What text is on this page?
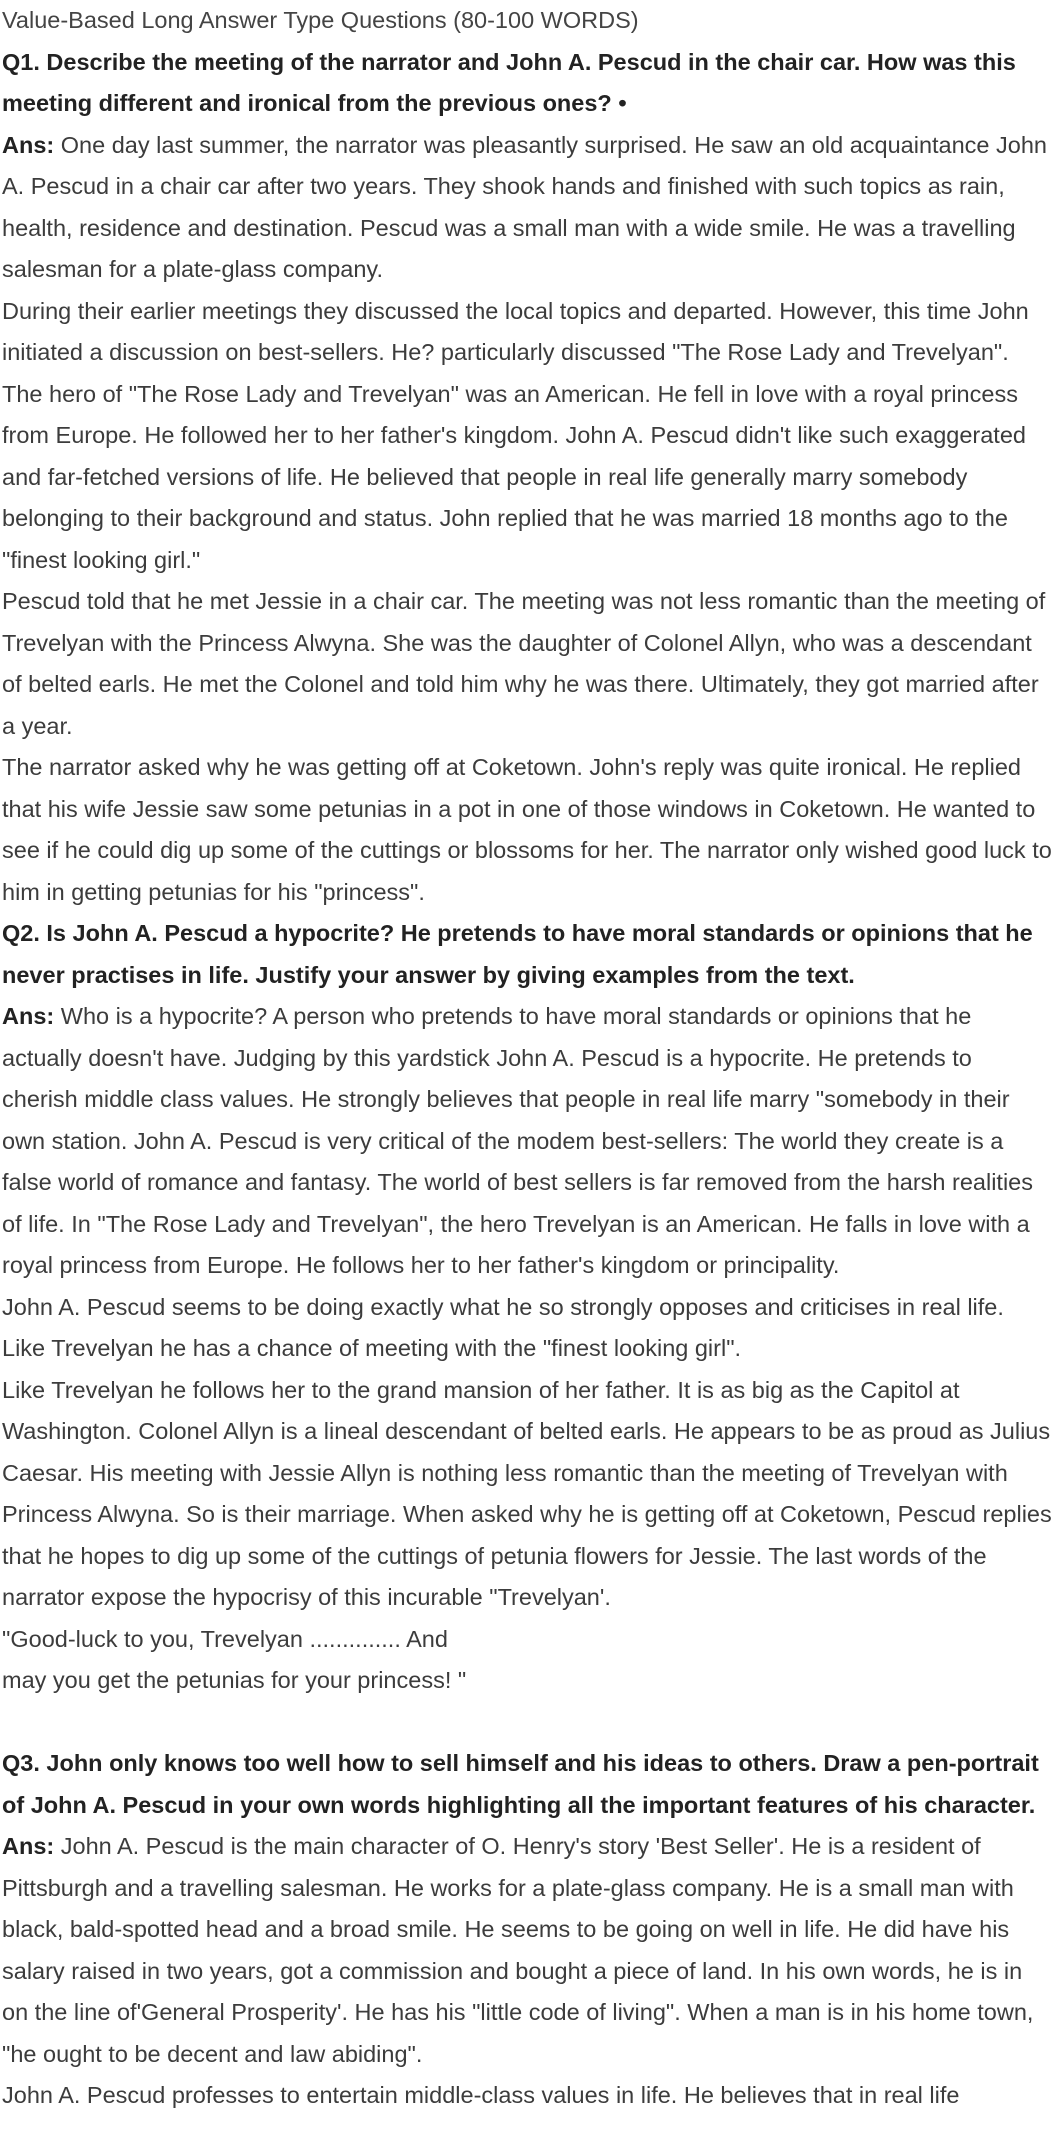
Value-Based Long Answer Type Questions (80-100 WORDS)

Q1. Describe the meeting of the narrator and John A. Pescud in the chair car. How was this meeting different and ironical from the previous ones? •

Ans: One day last summer, the narrator was pleasantly surprised. He saw an old acquaintance John A. Pescud in a chair car after two years. They shook hands and finished with such topics as rain, health, residence and destination. Pescud was a small man with a wide smile. He was a travelling salesman for a plate-glass company.

During their earlier meetings they discussed the local topics and departed. However, this time John initiated a discussion on best-sellers. He? particularly discussed "The Rose Lady and Trevelyan". The hero of "The Rose Lady and Trevelyan" was an American. He fell in love with a royal princess from Europe. He followed her to her father's kingdom. John A. Pescud didn't like such exaggerated and far-fetched versions of life. He believed that people in real life generally marry somebody belonging to their background and status. John replied that he was married 18 months ago to the "finest looking girl."

Pescud told that he met Jessie in a chair car. The meeting was not less romantic than the meeting of Trevelyan with the Princess Alwyna. She was the daughter of Colonel Allyn, who was a descendant of belted earls. He met the Colonel and told him why he was there. Ultimately, they got married after a year.

The narrator asked why he was getting off at Coketown. John's reply was quite ironical. He replied that his wife Jessie saw some petunias in a pot in one of those windows in Coketown. He wanted to see if he could dig up some of the cuttings or blossoms for her. The narrator only wished good luck to him in getting petunias for his "princess".

Q2. Is John A. Pescud a hypocrite? He pretends to have moral standards or opinions that he never practises in life. Justify your answer by giving examples from the text.

Ans: Who is a hypocrite? A person who pretends to have moral standards or opinions that he actually doesn't have. Judging by this yardstick John A. Pescud is a hypocrite. He pretends to cherish middle class values. He strongly believes that people in real life marry "somebody in their own station. John A. Pescud is very critical of the modem best-sellers: The world they create is a false world of romance and fantasy. The world of best sellers is far removed from the harsh realities of life. In "The Rose Lady and Trevelyan", the hero Trevelyan is an American. He falls in love with a royal princess from Europe. He follows her to her father's kingdom or principality.

John A. Pescud seems to be doing exactly what he so strongly opposes and criticises in real life. Like Trevelyan he has a chance of meeting with the "finest looking girl".

Like Trevelyan he follows her to the grand mansion of her father. It is as big as the Capitol at Washington. Colonel Allyn is a lineal descendant of belted earls. He appears to be as proud as Julius Caesar. His meeting with Jessie Allyn is nothing less romantic than the meeting of Trevelyan with Princess Alwyna. So is their marriage. When asked why he is getting off at Coketown, Pescud replies that he hopes to dig up some of the cuttings of petunia flowers for Jessie. The last words of the narrator expose the hypocrisy of this incurable "Trevelyan'.

"Good-luck to you, Trevelyan .............. And

may you get the petunias for your princess! "

Q3. John only knows too well how to sell himself and his ideas to others. Draw a pen-portrait of John A. Pescud in your own words highlighting all the important features of his character.

Ans: John A. Pescud is the main character of O. Henry's story 'Best Seller'. He is a resident of Pittsburgh and a travelling salesman. He works for a plate-glass company. He is a small man with black, bald-spotted head and a broad smile. He seems to be going on well in life. He did have his salary raised in two years, got a commission and bought a piece of land. In his own words, he is in on the line of'General Prosperity'. He has his "little code of living". When a man is in his home town, "he ought to be decent and law abiding".

John A. Pescud professes to entertain middle-class values in life. He believes that in real life
